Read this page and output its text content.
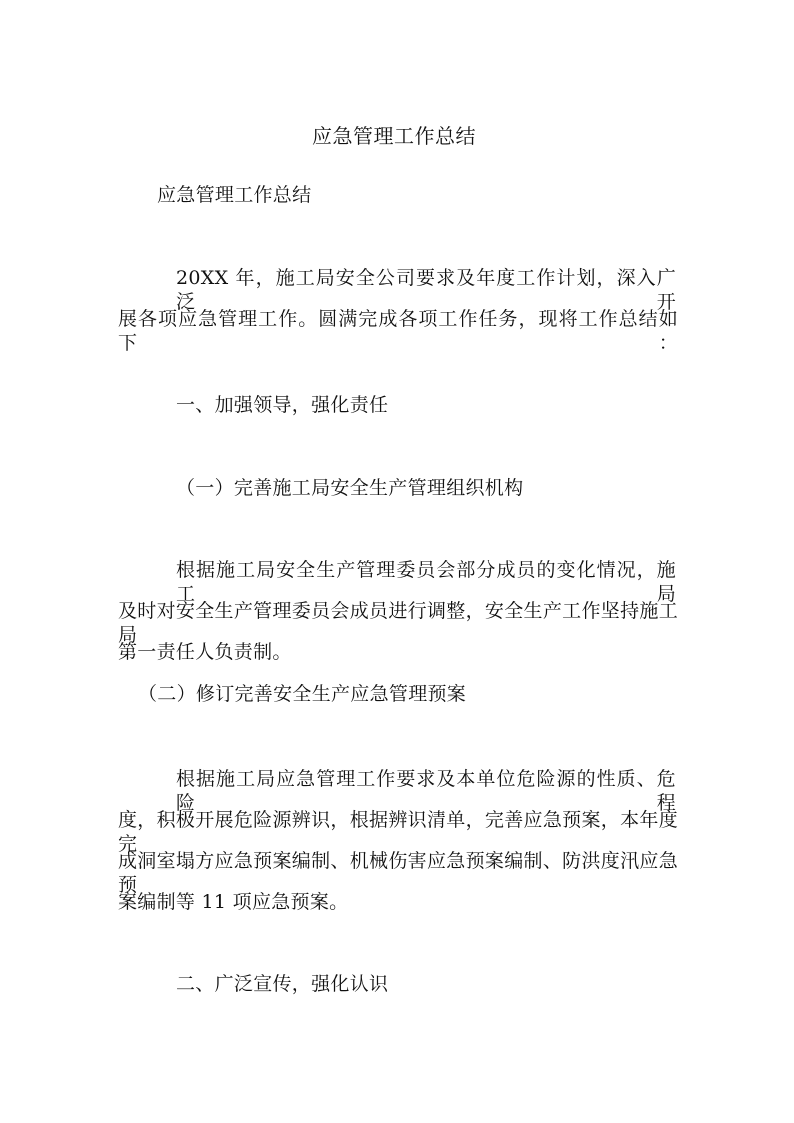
应急管理工作总结
应急管理工作总结
20XX 年，施工局安全公司要求及年度工作计划，深入广泛开
展各项应急管理工作。圆满完成各项工作任务，现将工作总结如下：
一、加强领导，强化责任
（一）完善施工局安全生产管理组织机构
根据施工局安全生产管理委员会部分成员的变化情况，施工局
及时对安全生产管理委员会成员进行调整，安全生产工作坚持施工局
第一责任人负责制。
（二）修订完善安全生产应急管理预案
根据施工局应急管理工作要求及本单位危险源的性质、危险程
度，积极开展危险源辨识，根据辨识清单，完善应急预案，本年度完
成洞室塌方应急预案编制、机械伤害应急预案编制、防洪度汛应急预
案编制等 11 项应急预案。
二、广泛宣传，强化认识
